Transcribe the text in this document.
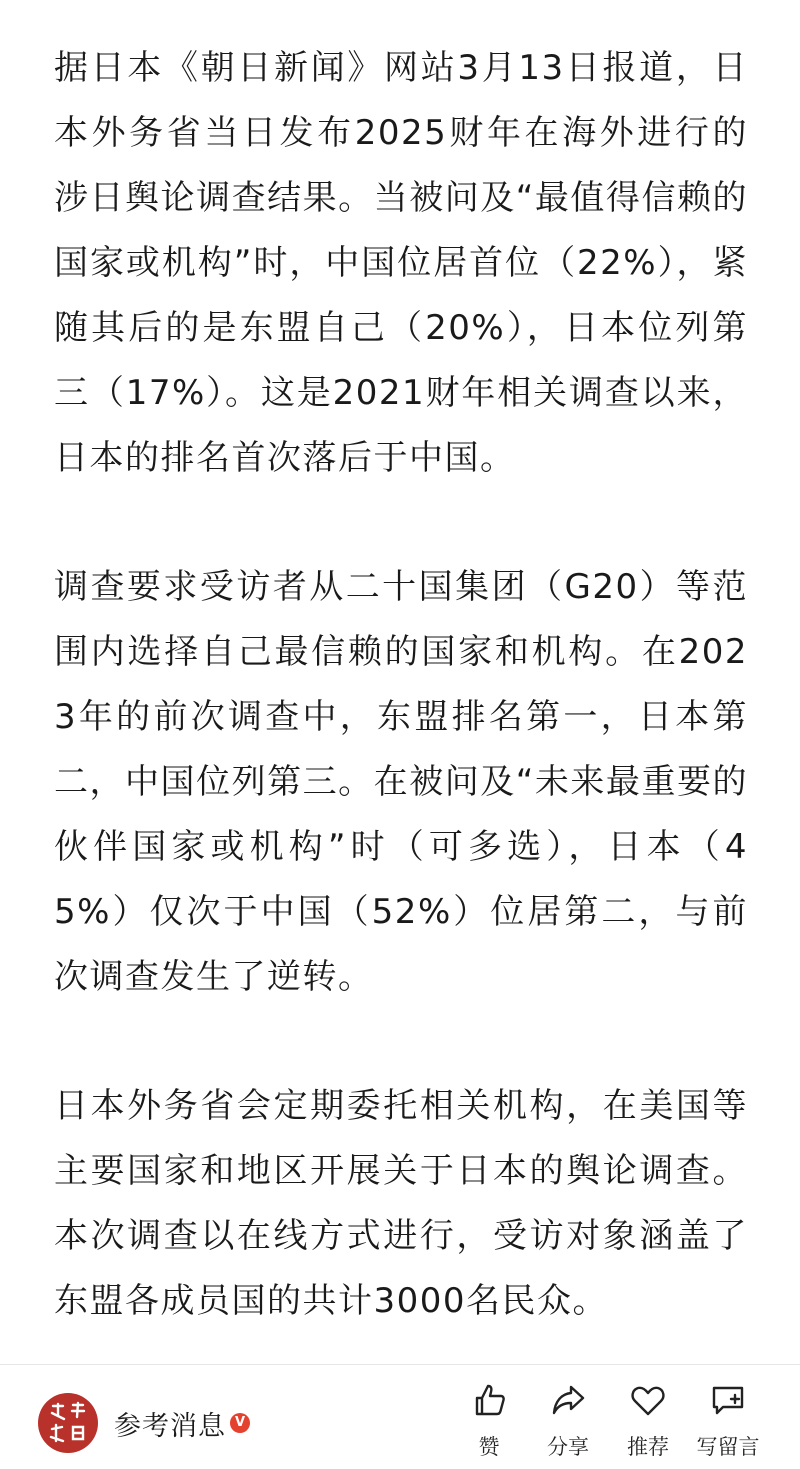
据日本《朝日新闻》网站3月13日报道，日本外务省当日发布2025财年在海外进行的涉日舆论调查结果。当被问及“最值得信赖的国家或机构”时，中国位居首位（22%），紧随其后的是东盟自己（20%），日本位列第三（17%）。这是2021财年相关调查以来，日本的排名首次落后于中国。

调查要求受访者从二十国集团（G20）等范围内选择自己最信赖的国家和机构。在2023年的前次调查中，东盟排名第一，日本第二，中国位列第三。在被问及“未来最重要的伙伴国家或机构”时（可多选），日本（45%）仅次于中国（52%）位居第二，与前次调查发生了逆转。

日本外务省会定期委托相关机构，在美国等主要国家和地区开展关于日本的舆论调查。本次调查以在线方式进行，受访对象涵盖了东盟各成员国的共计3000名民众。

参考消息 V
赞	分享	推荐	写留言
